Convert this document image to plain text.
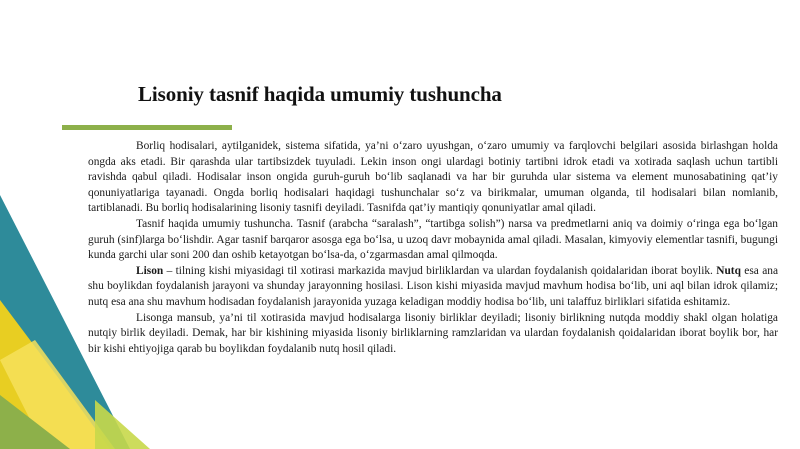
Lisoniy tasnif haqida umumiy tushuncha

Borliq hodisalari, aytilganidek, sistema sifatida, ya’ni o‘zaro uyushgan, o‘zaro umumiy va farqlovchi belgilari asosida birlashgan holda ongda aks etadi. Bir qarashda ular tartibsizdek tuyuladi. Lekin inson ongi ulardagi botiniy tartibni idrok etadi va xotirada saqlash uchun tartibli ravishda qabul qiladi. Hodisalar inson ongida guruh-guruh bo‘lib saqlanadi va har bir guruhda ular sistema va element munosabatining qat’iy qonuniyatlariga tayanadi. Ongda borliq hodisalari haqidagi tushunchalar so‘z va birikmalar, umuman olganda, til hodisalari bilan nomlanib, tartiblanadi. Bu borliq hodisalarining lisoniy tasnifi deyiladi. Tasnifda qat’iy mantiqiy qonuniyatlar amal qiladi.

Tasnif haqida umumiy tushuncha. Tasnif (arabcha “saralash”, “tartibga solish”) narsa va predmetlarni aniq va doimiy o‘ringa ega bo‘lgan guruh (sinf)larga bo‘lishdir. Agar tasnif barqaror asosga ega bo‘lsa, u uzoq davr mobaynida amal qiladi. Masalan, kimyoviy elementlar tasnifi, bugungi kunda garchi ular soni 200 dan oshib ketayotgan bo‘lsa-da, o‘zgarmasdan amal qilmoqda.

Lison – tilning kishi miyasidagi til xotirasi markazida mavjud birliklardan va ulardan foydalanish qoidalaridan iborat boylik. Nutq esa ana shu boylikdan foydalanish jarayoni va shunday jarayonning hosilasi. Lison kishi miyasida mavjud mavhum hodisa bo‘lib, uni aql bilan idrok qilamiz; nutq esa ana shu mavhum hodisadan foydalanish jarayonida yuzaga keladigan moddiy hodisa bo‘lib, uni talaffuz birliklari sifatida eshitamiz.

Lisonga mansub, ya’ni til xotirasida mavjud hodisalarga lisoniy birliklar deyiladi; lisoniy birlikning nutqda moddiy shakl olgan holatiga nutqiy birlik deyiladi. Demak, har bir kishining miyasida lisoniy birliklarning ramzlaridan va ulardan foydalanish qoidalaridan iborat boylik bor, har bir kishi ehtiyojiga qarab bu boylikdan foydalanib nutq hosil qiladi.
